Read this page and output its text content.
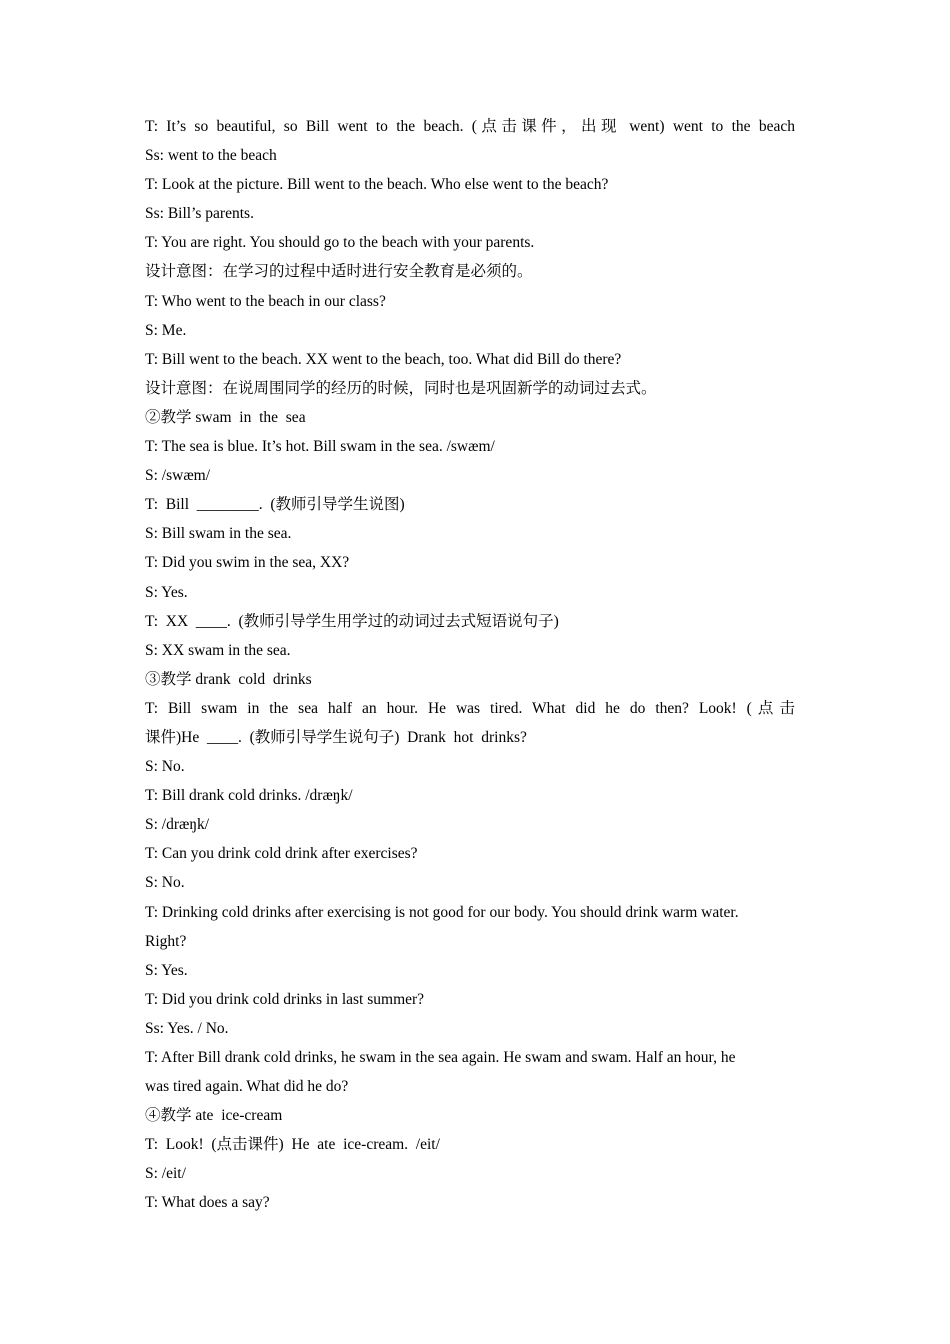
T: It’s so beautiful, so Bill went to the beach. (点击课件，出现 went) went to the beach
Ss: went to the beach
T: Look at the picture. Bill went to the beach. Who else went to the beach?
Ss: Bill’s parents.
T: You are right. You should go to the beach with your parents.
设计意图：在学习的过程中适时进行安全教育是必须的。
T: Who went to the beach in our class?
S: Me.
T: Bill went to the beach. XX went to the beach, too. What did Bill do there?
设计意图：在说周围同学的经历的时候，同时也是巩固新学的动词过去式。
②教学 swam  in  the  sea
T: The sea is blue. It’s hot. Bill swam in the sea. /swæm/
S: /swæm/
T:  Bill  ________.  (教师引导学生说图)
S: Bill swam in the sea.
T: Did you swim in the sea, XX?
S: Yes.
T:  XX  ____.  (教师引导学生用学过的动词过去式短语说句子)
S: XX swam in the sea.
③教学 drank  cold  drinks
T: Bill swam in the sea half an hour. He was tired. What did he do then? Look! (点击
课件)He  ____.  (教师引导学生说句子)  Drank  hot  drinks?
S: No.
T: Bill drank cold drinks. /dræŋk/
S: /dræŋk/
T: Can you drink cold drink after exercises?
S: No.
T: Drinking cold drinks after exercising is not good for our body. You should drink warm water.
Right?
S: Yes.
T: Did you drink cold drinks in last summer?
Ss: Yes. / No.
T: After Bill drank cold drinks, he swam in the sea again. He swam and swam. Half an hour, he
was tired again. What did he do?
④教学 ate  ice-cream
T:  Look!  (点击课件)  He  ate  ice-cream.  /eit/
S: /eit/
T: What does a say?
